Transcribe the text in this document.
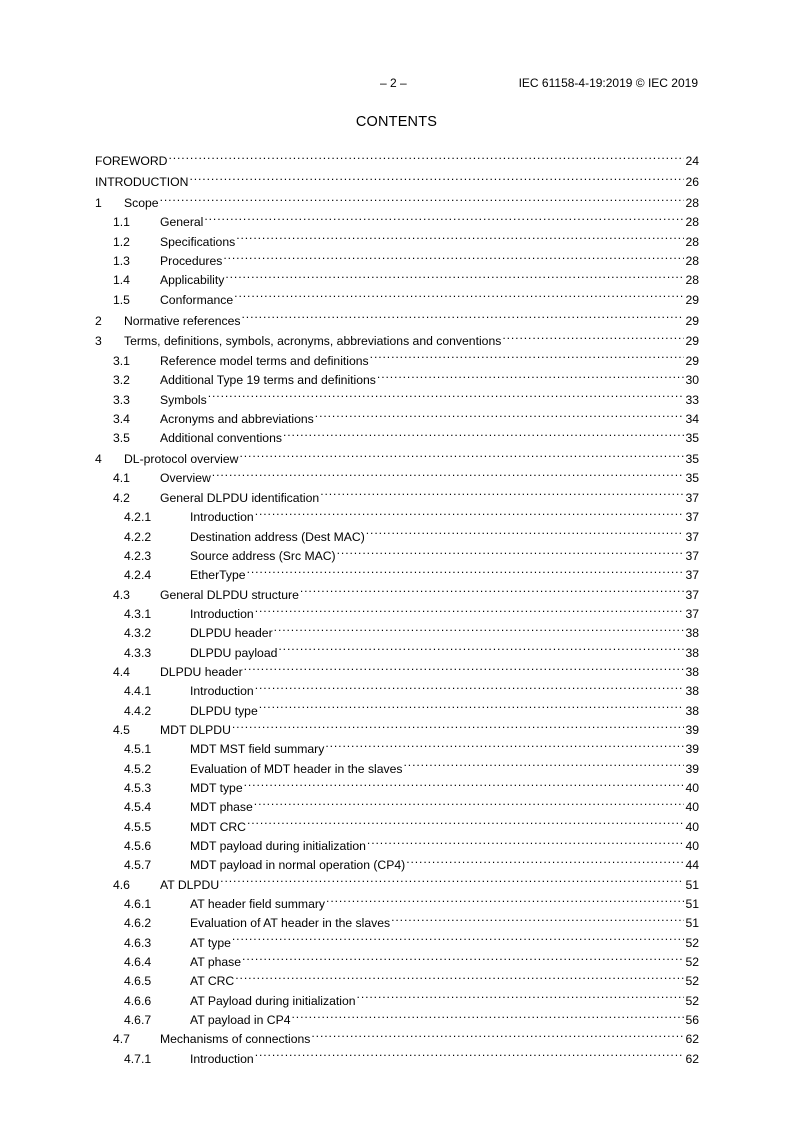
– 2 –	IEC 61158-4-19:2019 © IEC 2019
CONTENTS
FOREWORD .....	24
INTRODUCTION .....	26
1	Scope .....	28
1.1	General .....	28
1.2	Specifications .....	28
1.3	Procedures .....	28
1.4	Applicability .....	28
1.5	Conformance .....	29
2	Normative references .....	29
3	Terms, definitions, symbols, acronyms, abbreviations and conventions .....	29
3.1	Reference model terms and definitions .....	29
3.2	Additional Type 19 terms and definitions .....	30
3.3	Symbols .....	33
3.4	Acronyms and abbreviations .....	34
3.5	Additional conventions .....	35
4	DL-protocol overview .....	35
4.1	Overview .....	35
4.2	General DLPDU identification .....	37
4.2.1	Introduction .....	37
4.2.2	Destination address (Dest MAC) .....	37
4.2.3	Source address (Src MAC) .....	37
4.2.4	EtherType .....	37
4.3	General DLPDU structure .....	37
4.3.1	Introduction .....	37
4.3.2	DLPDU header .....	38
4.3.3	DLPDU payload .....	38
4.4	DLPDU header .....	38
4.4.1	Introduction .....	38
4.4.2	DLPDU type .....	38
4.5	MDT DLPDU .....	39
4.5.1	MDT MST field summary .....	39
4.5.2	Evaluation of MDT header in the slaves .....	39
4.5.3	MDT type .....	40
4.5.4	MDT phase .....	40
4.5.5	MDT CRC .....	40
4.5.6	MDT payload during initialization .....	40
4.5.7	MDT payload in normal operation (CP4) .....	44
4.6	AT DLPDU .....	51
4.6.1	AT header field summary .....	51
4.6.2	Evaluation of AT header in the slaves .....	51
4.6.3	AT type .....	52
4.6.4	AT phase .....	52
4.6.5	AT CRC .....	52
4.6.6	AT Payload during initialization .....	52
4.6.7	AT payload in CP4 .....	56
4.7	Mechanisms of connections .....	62
4.7.1	Introduction .....	62
